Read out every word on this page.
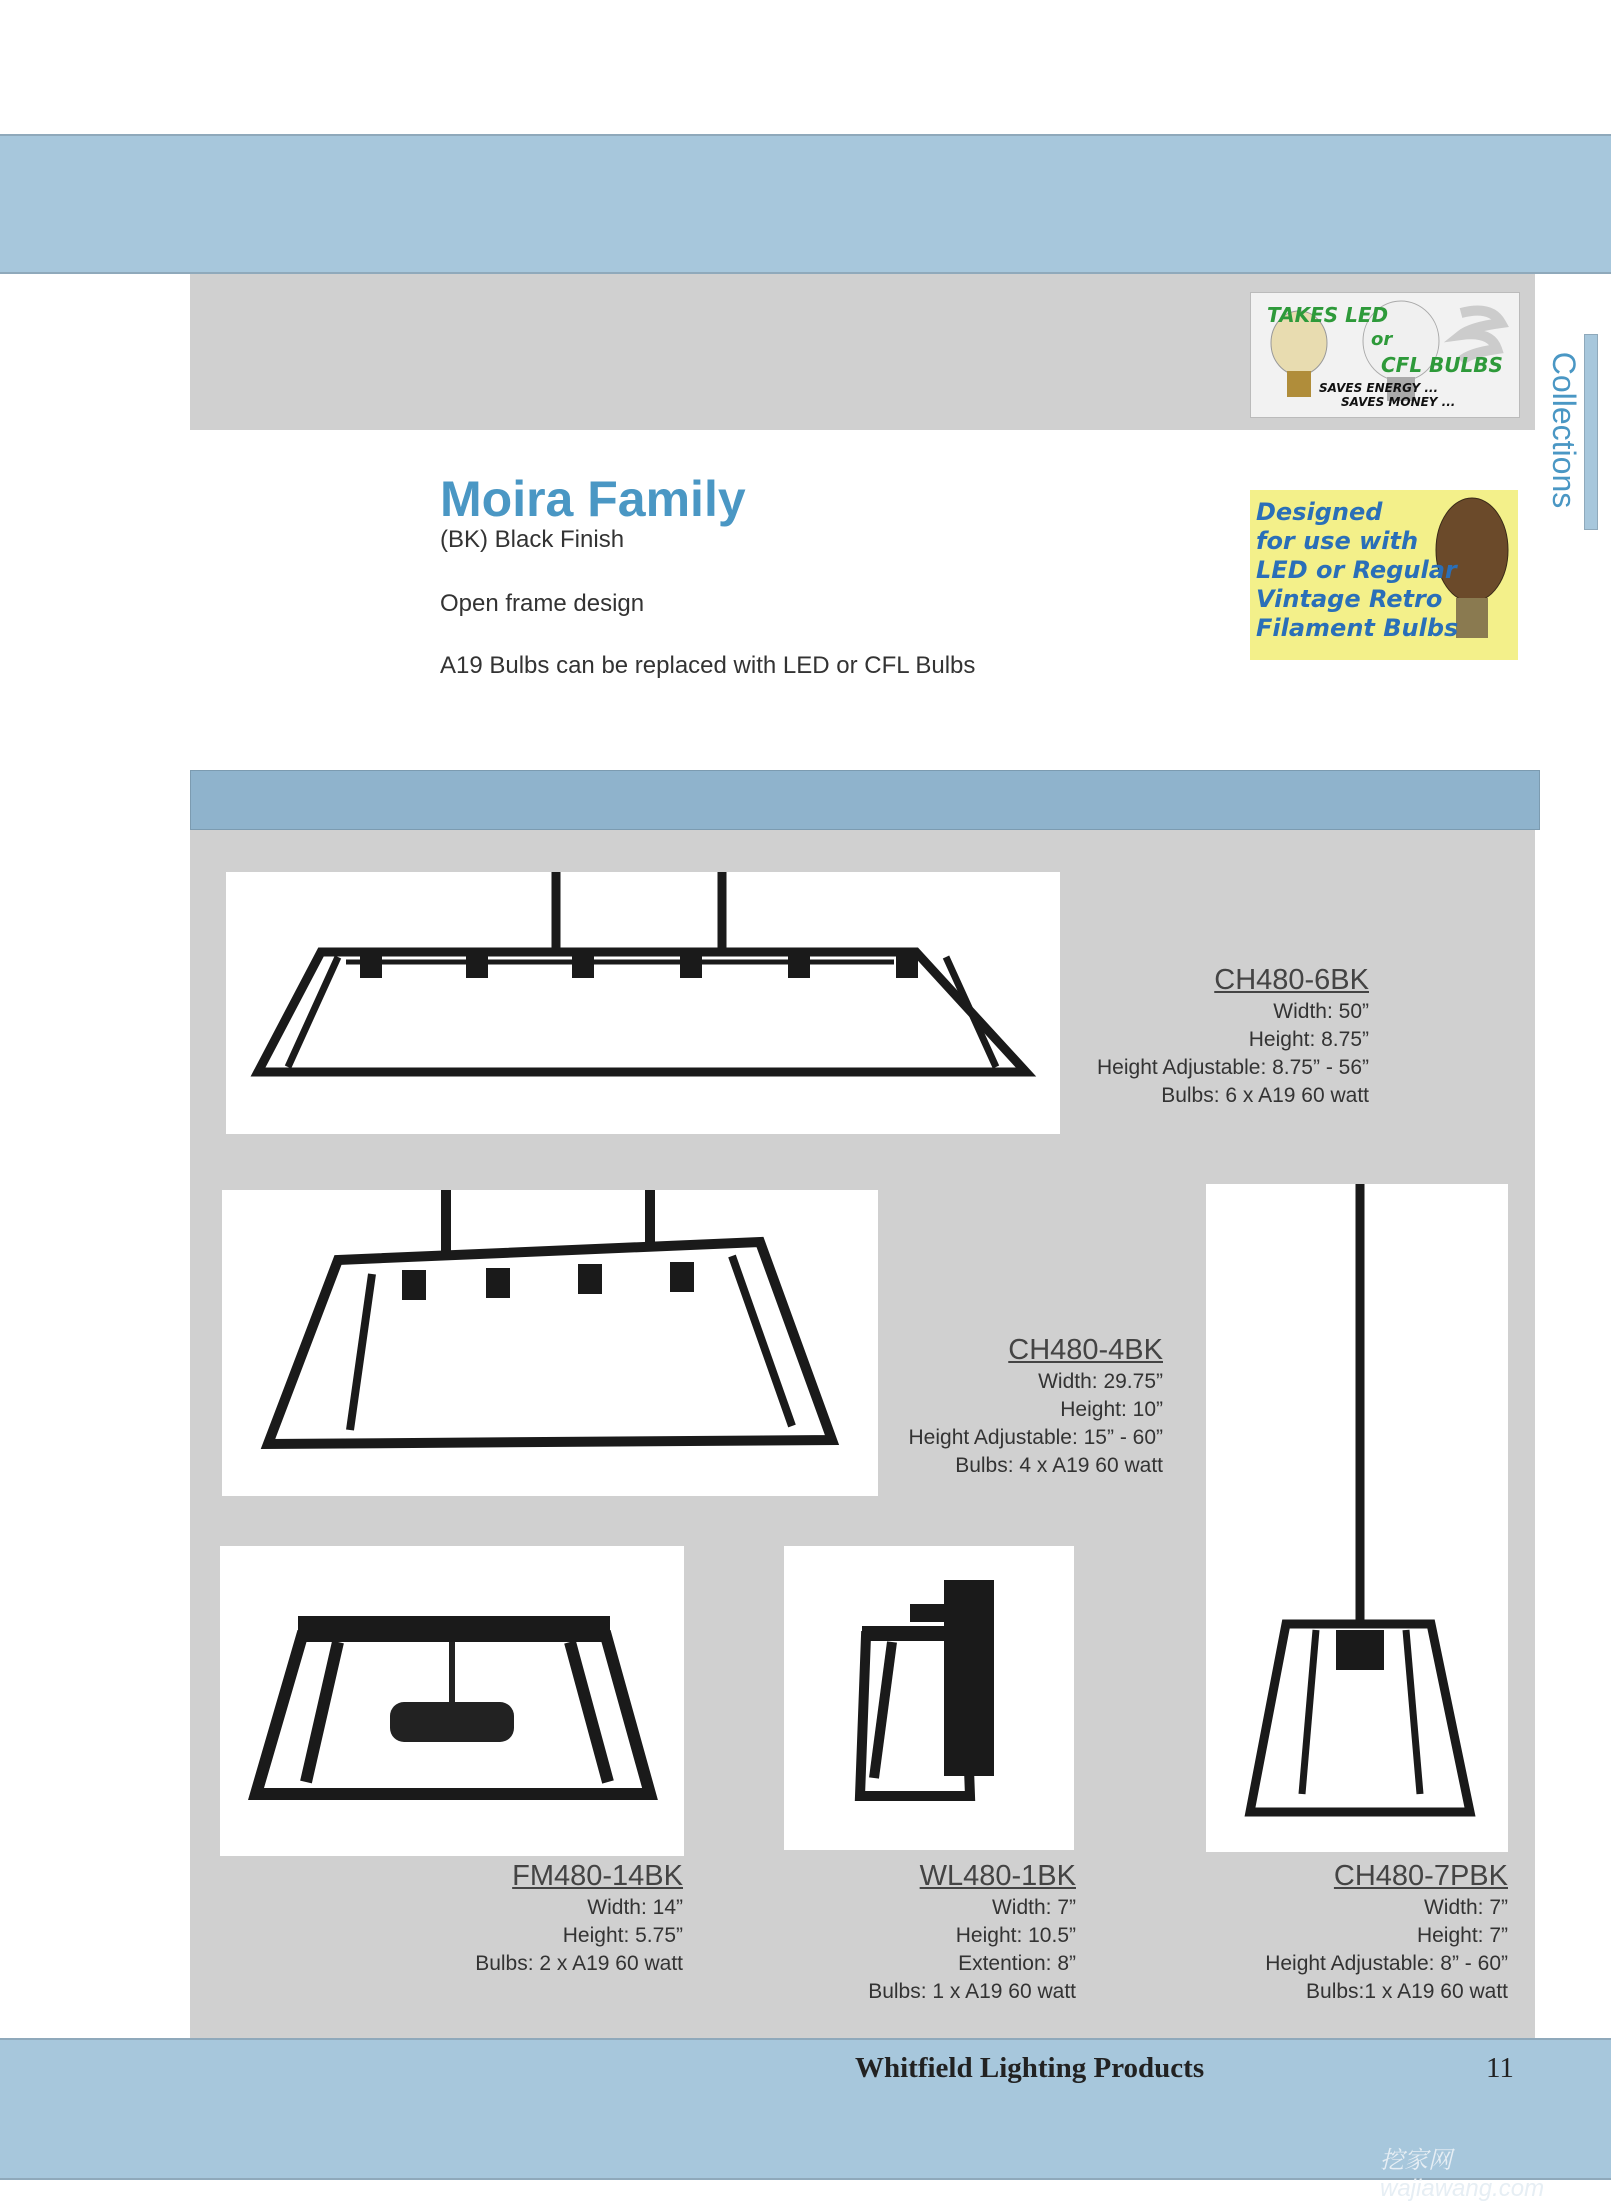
Collections
TAKES LED
or
CFL BULBS
SAVES ENERGY ...
SAVES MONEY ...
Designed
for use with
LED or Regular
Vintage Retro
Filament Bulbs
Moira Family
(BK) Black Finish
Open frame design
A19 Bulbs can be replaced with LED or CFL Bulbs
CH480-6BK
Width: 50”
Height: 8.75”
Height Adjustable: 8.75” - 56”
Bulbs: 6 x A19 60 watt
CH480-4BK
Width: 29.75”
Height: 10”
Height Adjustable: 15” - 60”
Bulbs: 4 x A19 60 watt
FM480-14BK
Width: 14”
Height: 5.75”
Bulbs: 2 x A19 60 watt
WL480-1BK
Width: 7”
Height: 10.5”
Extention: 8”
Bulbs: 1 x A19 60 watt
CH480-7PBK
Width: 7”
Height: 7”
Height Adjustable: 8” - 60”
Bulbs:1 x A19 60 watt
Whitfield Lighting Products	11
挖家网 wajiawang.com
